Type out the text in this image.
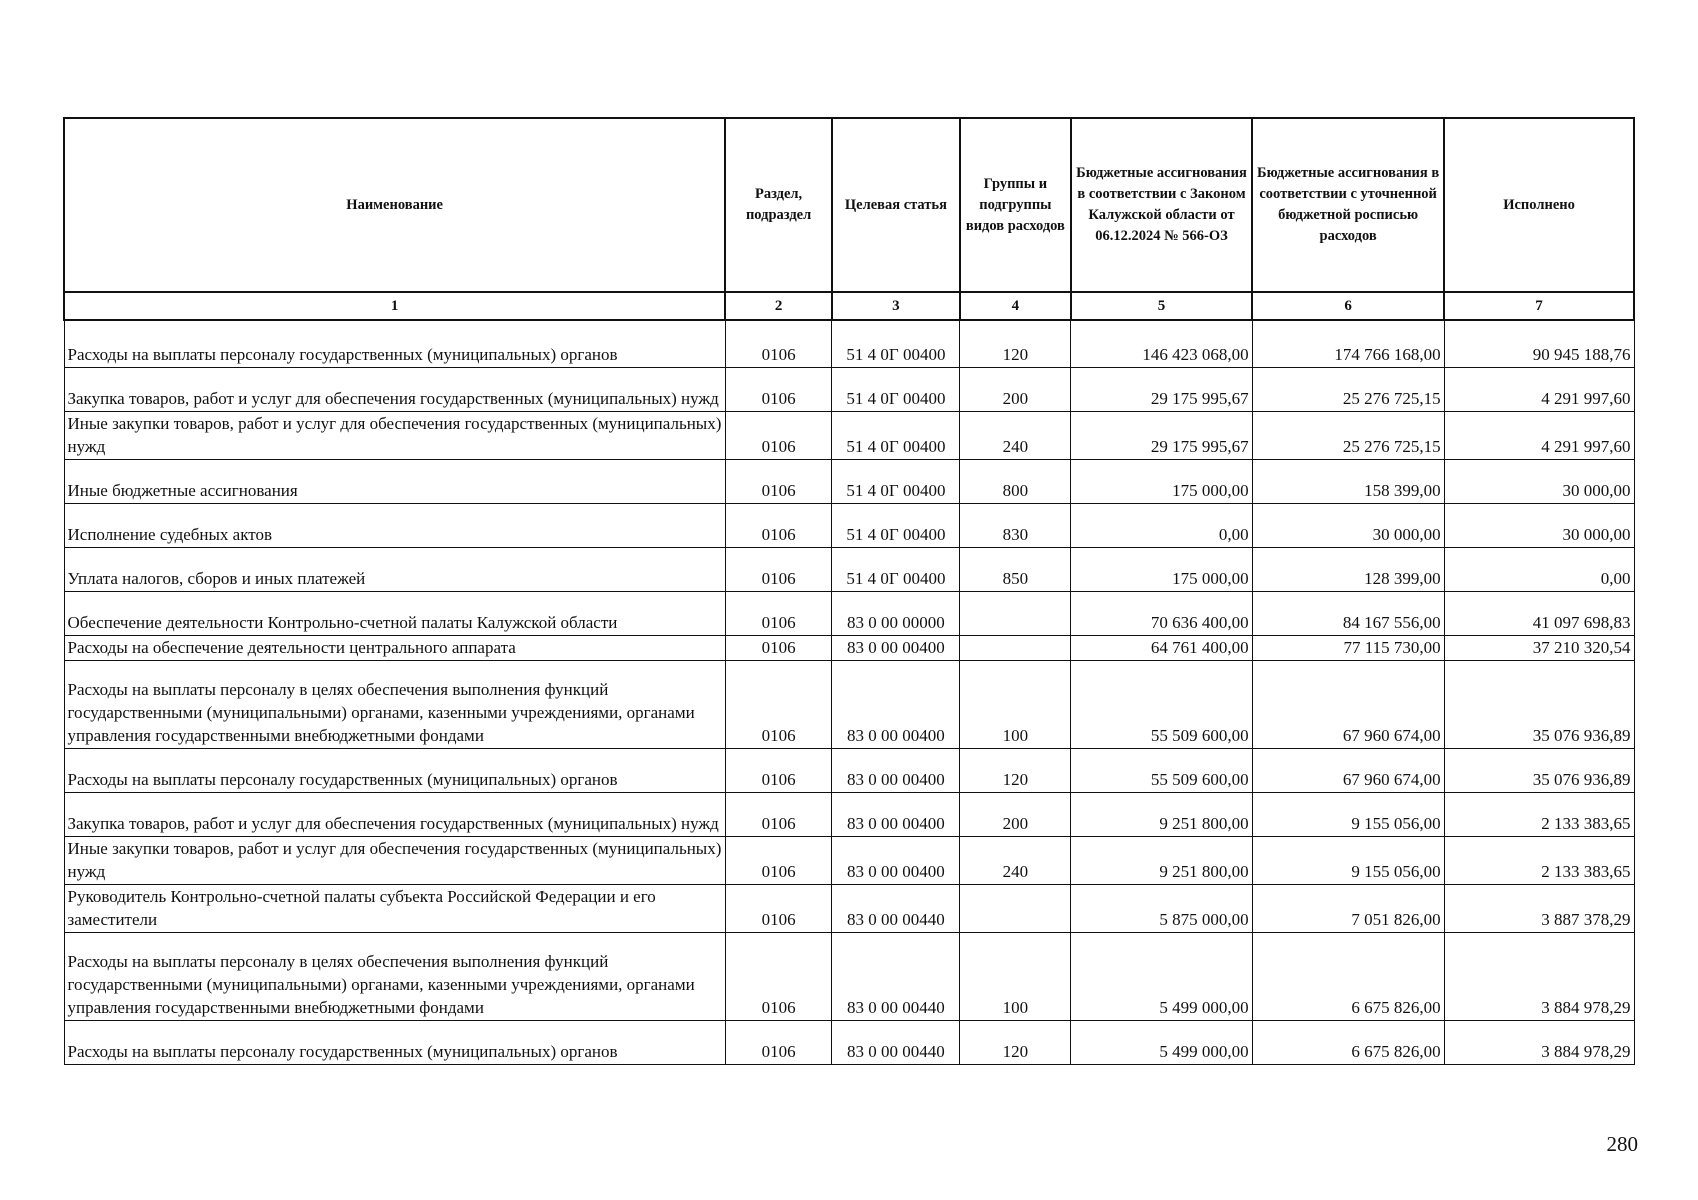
Наименование	Раздел, подраздел	Целевая статья	Группы и подгруппы видов расходов	Бюджетные ассигнования в соответствии с Законом Калужской области от 06.12.2024 № 566-ОЗ	Бюджетные ассигнования в соответствии с уточненной бюджетной росписью расходов	Исполнено
1	2	3	4	5	6	7
Расходы на выплаты персоналу государственных (муниципальных) органов	0106	51 4 0Г 00400	120	146 423 068,00	174 766 168,00	90 945 188,76
Закупка товаров, работ и услуг для обеспечения государственных (муниципальных) нужд	0106	51 4 0Г 00400	200	29 175 995,67	25 276 725,15	4 291 997,60
Иные закупки товаров, работ и услуг для обеспечения государственных (муниципальных) нужд	0106	51 4 0Г 00400	240	29 175 995,67	25 276 725,15	4 291 997,60
Иные бюджетные ассигнования	0106	51 4 0Г 00400	800	175 000,00	158 399,00	30 000,00
Исполнение судебных актов	0106	51 4 0Г 00400	830	0,00	30 000,00	30 000,00
Уплата налогов, сборов и иных платежей	0106	51 4 0Г 00400	850	175 000,00	128 399,00	0,00
Обеспечение деятельности Контрольно-счетной палаты Калужской области	0106	83 0 00 00000		70 636 400,00	84 167 556,00	41 097 698,83
Расходы на обеспечение деятельности центрального аппарата	0106	83 0 00 00400		64 761 400,00	77 115 730,00	37 210 320,54
Расходы на выплаты персоналу в целях обеспечения выполнения функций государственными (муниципальными) органами, казенными учреждениями, органами управления государственными внебюджетными фондами	0106	83 0 00 00400	100	55 509 600,00	67 960 674,00	35 076 936,89
Расходы на выплаты персоналу государственных (муниципальных) органов	0106	83 0 00 00400	120	55 509 600,00	67 960 674,00	35 076 936,89
Закупка товаров, работ и услуг для обеспечения государственных (муниципальных) нужд	0106	83 0 00 00400	200	9 251 800,00	9 155 056,00	2 133 383,65
Иные закупки товаров, работ и услуг для обеспечения государственных (муниципальных) нужд	0106	83 0 00 00400	240	9 251 800,00	9 155 056,00	2 133 383,65
Руководитель Контрольно-счетной палаты субъекта Российской Федерации и его заместители	0106	83 0 00 00440		5 875 000,00	7 051 826,00	3 887 378,29
Расходы на выплаты персоналу в целях обеспечения выполнения функций государственными (муниципальными) органами, казенными учреждениями, органами управления государственными внебюджетными фондами	0106	83 0 00 00440	100	5 499 000,00	6 675 826,00	3 884 978,29
Расходы на выплаты персоналу государственных (муниципальных) органов	0106	83 0 00 00440	120	5 499 000,00	6 675 826,00	3 884 978,29
280
